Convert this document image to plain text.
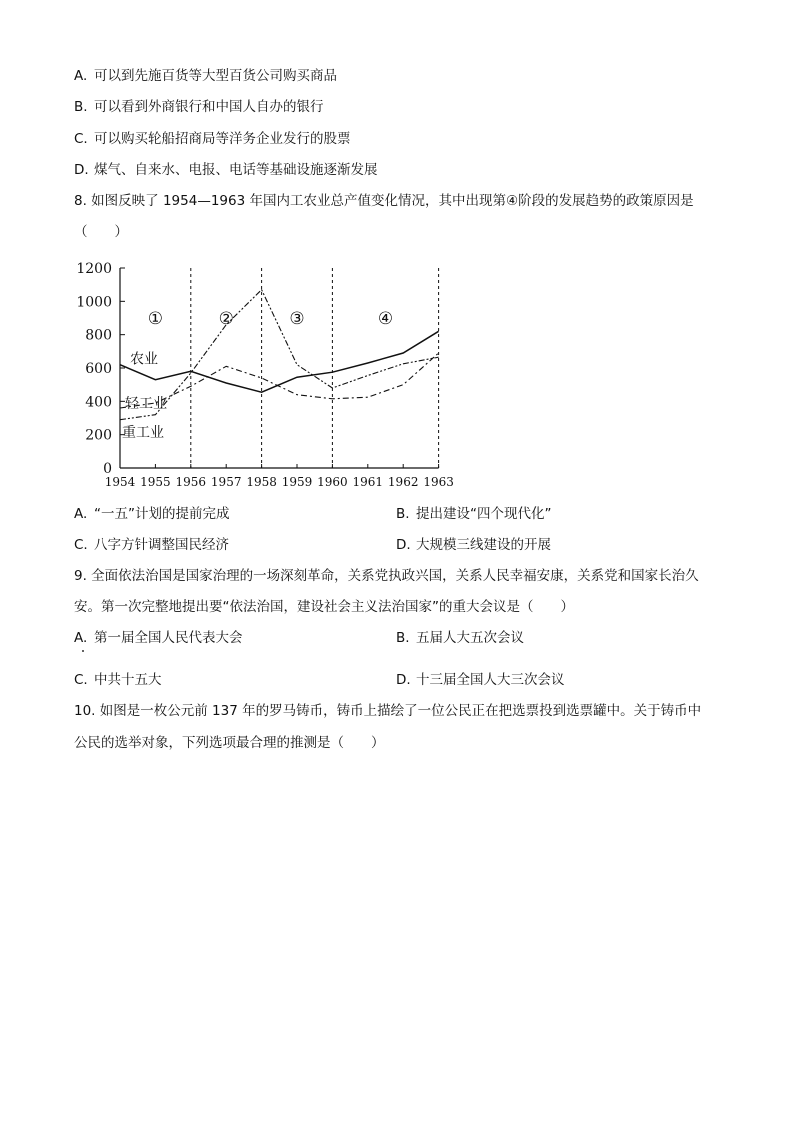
A. 可以到先施百货等大型百货公司购买商品
B. 可以看到外商银行和中国人自办的银行
C. 可以购买轮船招商局等洋务企业发行的股票
D. 煤气、自来水、电报、电话等基础设施逐渐发展
8. 如图反映了 1954—1963 年国内工农业总产值变化情况，其中出现第④阶段的发展趋势的政策原因是
（　　）
1200
1000
800
600
400
200
0
1954 1955 1956 1957 1958 1959 1960 1961 1962 1963
①	②	③	④
农业
轻工业
重工业
A. “一五”计划的提前完成	B. 提出建设“四个现代化”
C. 八字方针调整国民经济	D. 大规模三线建设的开展
9. 全面依法治国是国家治理的一场深刻革命，关系党执政兴国，关系人民幸福安康，关系党和国家长治久
安。第一次完整地提出要“依法治国，建设社会主义法治国家”的重大会议是（　　）
A. 第一届全国人民代表大会	B. 五届人大五次会议
C. 中共十五大	D. 十三届全国人大三次会议
10. 如图是一枚公元前 137 年的罗马铸币，铸币上描绘了一位公民正在把选票投到选票罐中。关于铸币中
公民的选举对象，下列选项最合理的推测是（　　）
